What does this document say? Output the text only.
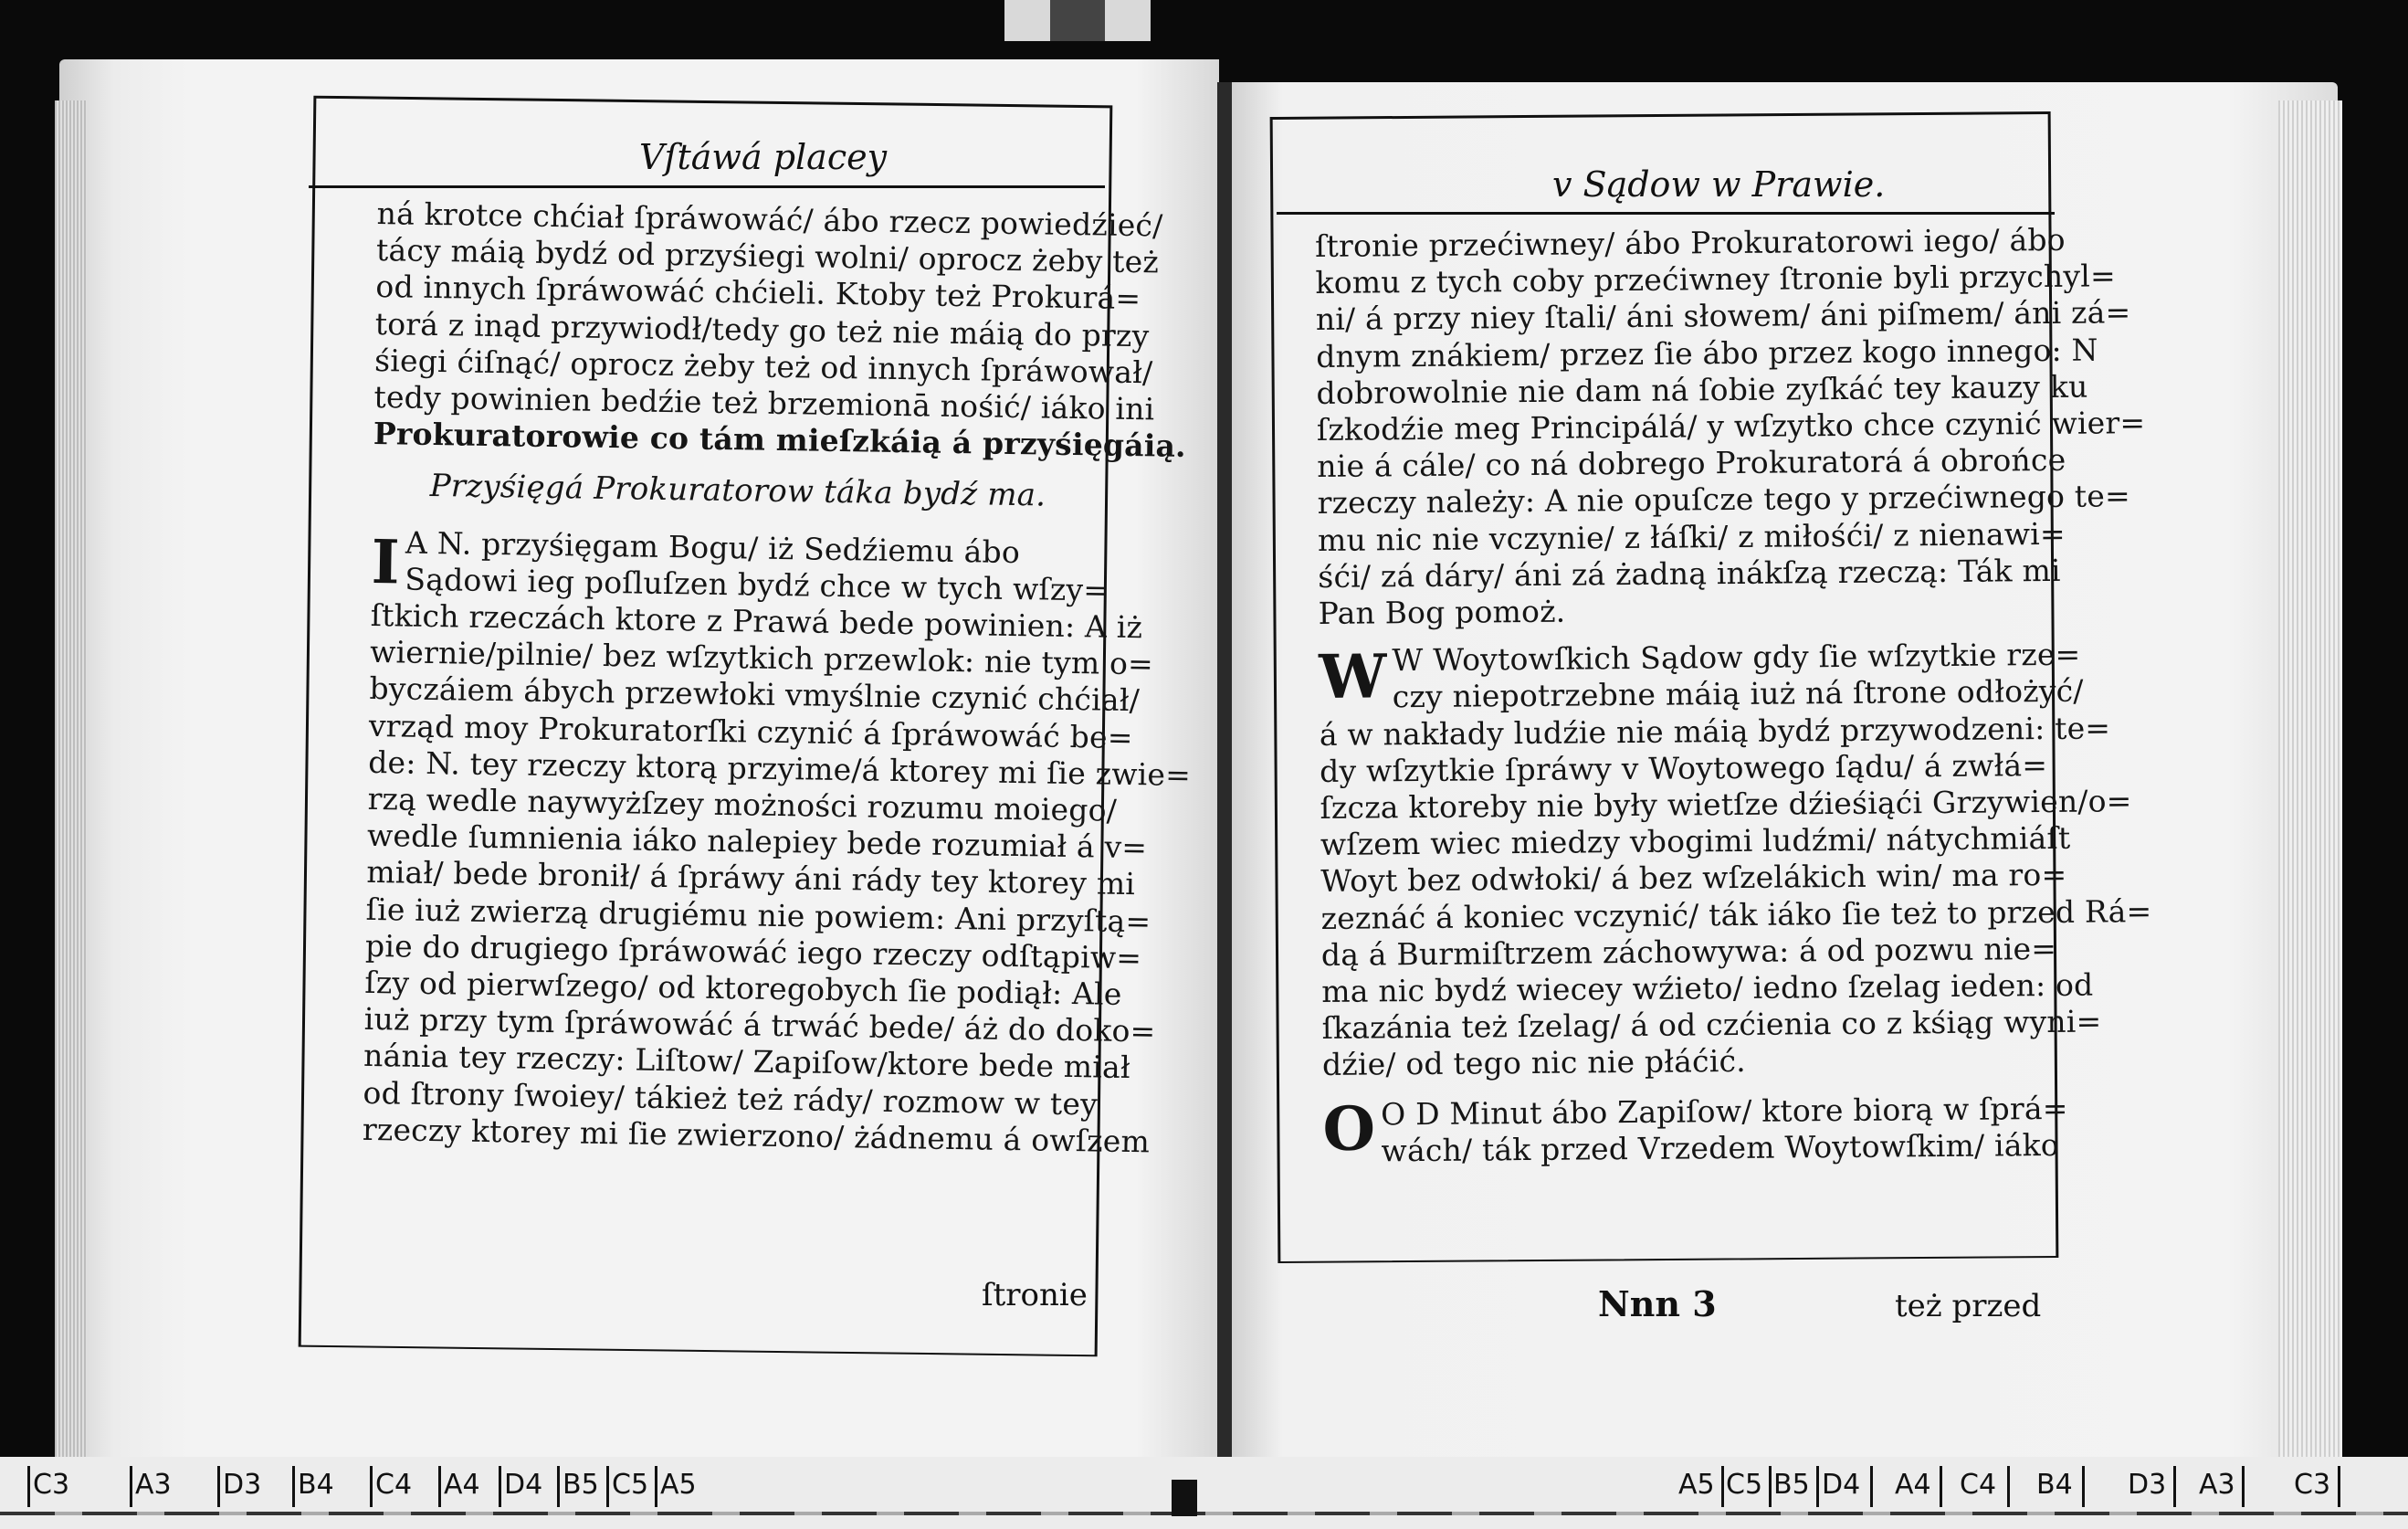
Vſtáwá placey
v Sądow w Prawie.
ná krotce chćiał ſpráwowáć/ ábo rzecz powiedźieć/
tácy máią bydź od przyśiegi wolni/ oprocz żeby też
od innych ſpráwowáć chćieli. Ktoby też Prokurá=
torá z inąd przywiodł/tedy go też nie máią do przy
śiegi ćiſnąć/ oprocz żeby też od innych ſpráwował/
tedy powinien bedźie też brzemionā nośić/ iáko ini
Prokuratorowie co tám mieſzkáią á przyśięgáią.
Przyśięgá Prokuratorow táka bydź ma.
I A N. przyśięgam Bogu/ iż Sedźiemu ábo
Sądowi ieg poſluſzen bydź chce w tych wſzy=
ſtkich rzeczách ktore z Prawá bede powinien: A iż
wiernie/pilnie/ bez wſzytkich przewlok: nie tym o=
byczáiem ábych przewłoki vmyślnie czynić chćiał/
vrząd moy Prokuratorſki czynić á ſpráwowáć be=
de: N. tey rzeczy ktorą przyime/á ktorey mi ſie zwie=
rzą wedle naywyżſzey możności rozumu moiego/
wedle ſumnienia iáko nalepiey bede rozumiał á v=
miał/ bede bronił/ á ſpráwy áni rády tey ktorey mi
ſie iuż zwierzą drugiému nie powiem: Ani przyſtą=
pie do drugiego ſpráwowáć iego rzeczy odſtąpiw=
ſzy od pierwſzego/ od ktoregobych ſie podiął: Ale
iuż przy tym ſpráwowáć á trwáć bede/ áż do doko=
nánia tey rzeczy: Liſtow/ Zapiſow/ktore bede miał
od ſtrony ſwoiey/ tákież też rády/ rozmow w tey
rzeczy ktorey mi ſie zwierzono/ żádnemu á owſzem
ſtronie
ſtronie przećiwney/ ábo Prokuratorowi iego/ ábo
komu z tych coby przećiwney ſtronie byli przychyl=
ni/ á przy niey ſtali/ áni słowem/ áni piſmem/ áni zá=
dnym znákiem/ przez ſie ábo przez kogo innego: N
dobrowolnie nie dam ná ſobie zyſkáć tey kauzy ku
ſzkodźie meg Principálá/ y wſzytko chce czynić wier=
nie á cále/ co ná dobrego Prokuratorá á obrońce
rzeczy należy: A nie opuſcze tego y przećiwnego te=
mu nic nie vczynie/ z łáſki/ z miłośći/ z nienawi=
śći/ zá dáry/ áni zá żadną inákſzą rzeczą: Ták mi
Pan Bog pomoż.
W W Woytowſkich Sądow gdy ſie wſzytkie rze=
czy niepotrzebne máią iuż ná ſtrone odłożyć/
á w nakłady ludźie nie máią bydź przywodzeni: te=
dy wſzytkie ſpráwy v Woytowego ſądu/ á zwłá=
ſzcza ktoreby nie były wietſze dźieśiąći Grzywien/o=
wſzem wiec miedzy vbogimi ludźmi/ nátychmiáſt
Woyt bez odwłoki/ á bez wſzelákich win/ ma ro=
zeznáć á koniec vczynić/ ták iáko ſie też to przed Rá=
dą á Burmiſtrzem záchowywa: á od pozwu nie=
ma nic bydź wiecey wźieto/ iedno ſzelag ieden: od
ſkazánia też ſzelag/ á od czćienia co z kśiąg wyni=
dźie/ od tego nic nie płáćić.
O O D Minut ábo Zapiſow/ ktore biorą w ſprá=
wách/ ták przed Vrzedem Woytowſkim/ iáko
Nnn 3	też przed
C3 A3 D3 B4 C4 A4 D4 B5 C5 A5	A5 C5 B5 D4 A4 C4 B4 D3 A3 C3
